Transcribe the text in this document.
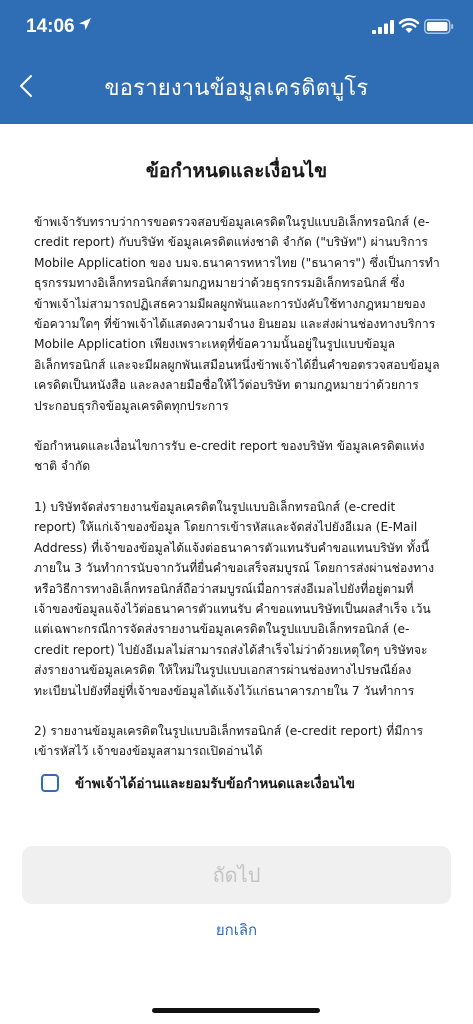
14:06
ขอรายงานข้อมูลเครดิตบูโร
ข้อกำหนดและเงื่อนไข

ข้าพเจ้ารับทราบว่าการขอตรวจสอบข้อมูลเครดิตในรูปแบบอิเล็กทรอนิกส์ (e-credit report) กับบริษัท ข้อมูลเครดิตแห่งชาติ จำกัด ("บริษัท") ผ่านบริการ Mobile Application ของ บมจ.ธนาคารทหารไทย ("ธนาคาร") ซึ่งเป็นการทำธุรกรรมทางอิเล็กทรอนิกส์ตามกฎหมายว่าด้วยธุรกรรมอิเล็กทรอนิกส์ ซึ่งข้าพเจ้าไม่สามารถปฏิเสธความมีผลผูกพันและการบังคับใช้ทางกฎหมายของข้อความใดๆ ที่ข้าพเจ้าได้แสดงความจำนง ยินยอม และส่งผ่านช่องทางบริการ Mobile Application เพียงเพราะเหตุที่ข้อความนั้นอยู่ในรูปแบบข้อมูลอิเล็กทรอนิกส์ และจะมีผลผูกพันเสมือนหนึ่งข้าพเจ้าได้ยื่นคำขอตรวจสอบข้อมูลเครดิตเป็นหนังสือ และลงลายมือชื่อให้ไว้ต่อบริษัท ตามกฎหมายว่าด้วยการประกอบธุรกิจข้อมูลเครดิตทุกประการ

ข้อกำหนดและเงื่อนไขการรับ e-credit report ของบริษัท ข้อมูลเครดิตแห่งชาติ จำกัด

1) บริษัทจัดส่งรายงานข้อมูลเครดิตในรูปแบบอิเล็กทรอนิกส์ (e-credit report) ให้แก่เจ้าของข้อมูล โดยการเข้ารหัสและจัดส่งไปยังอีเมล (E-Mail Address) ที่เจ้าของข้อมูลได้แจ้งต่อธนาคารตัวแทนรับคำขอแทนบริษัท ทั้งนี้ภายใน 3 วันทำการนับจากวันที่ยื่นคำขอเสร็จสมบูรณ์ โดยการส่งผ่านช่องทางหรือวิธีการทางอิเล็กทรอนิกส์ถือว่าสมบูรณ์เมื่อการส่งอีเมลไปยังที่อยู่ตามที่เจ้าของข้อมูลแจ้งไว้ต่อธนาคารตัวแทนรับ คำขอแทนบริษัทเป็นผลสำเร็จ เว้นแต่เฉพาะกรณีการจัดส่งรายงานข้อมูลเครดิตในรูปแบบอิเล็กทรอนิกส์ (e-credit report) ไปยังอีเมลไม่สามารถส่งได้สำเร็จไม่ว่าด้วยเหตุใดๆ บริษัทจะส่งรายงานข้อมูลเครดิต ให้ใหม่ในรูปแบบเอกสารผ่านช่องทางไปรษณีย์ลงทะเบียนไปยังที่อยู่ที่เจ้าของข้อมูลได้แจ้งไว้แก่ธนาคารภายใน 7 วันทำการ

2) รายงานข้อมูลเครดิตในรูปแบบอิเล็กทรอนิกส์ (e-credit report) ที่มีการเข้ารหัสไว้ เจ้าของข้อมูลสามารถเปิดอ่านได้

ข้าพเจ้าได้อ่านและยอมรับข้อกำหนดและเงื่อนไข
ถัดไป
ยกเลิก
